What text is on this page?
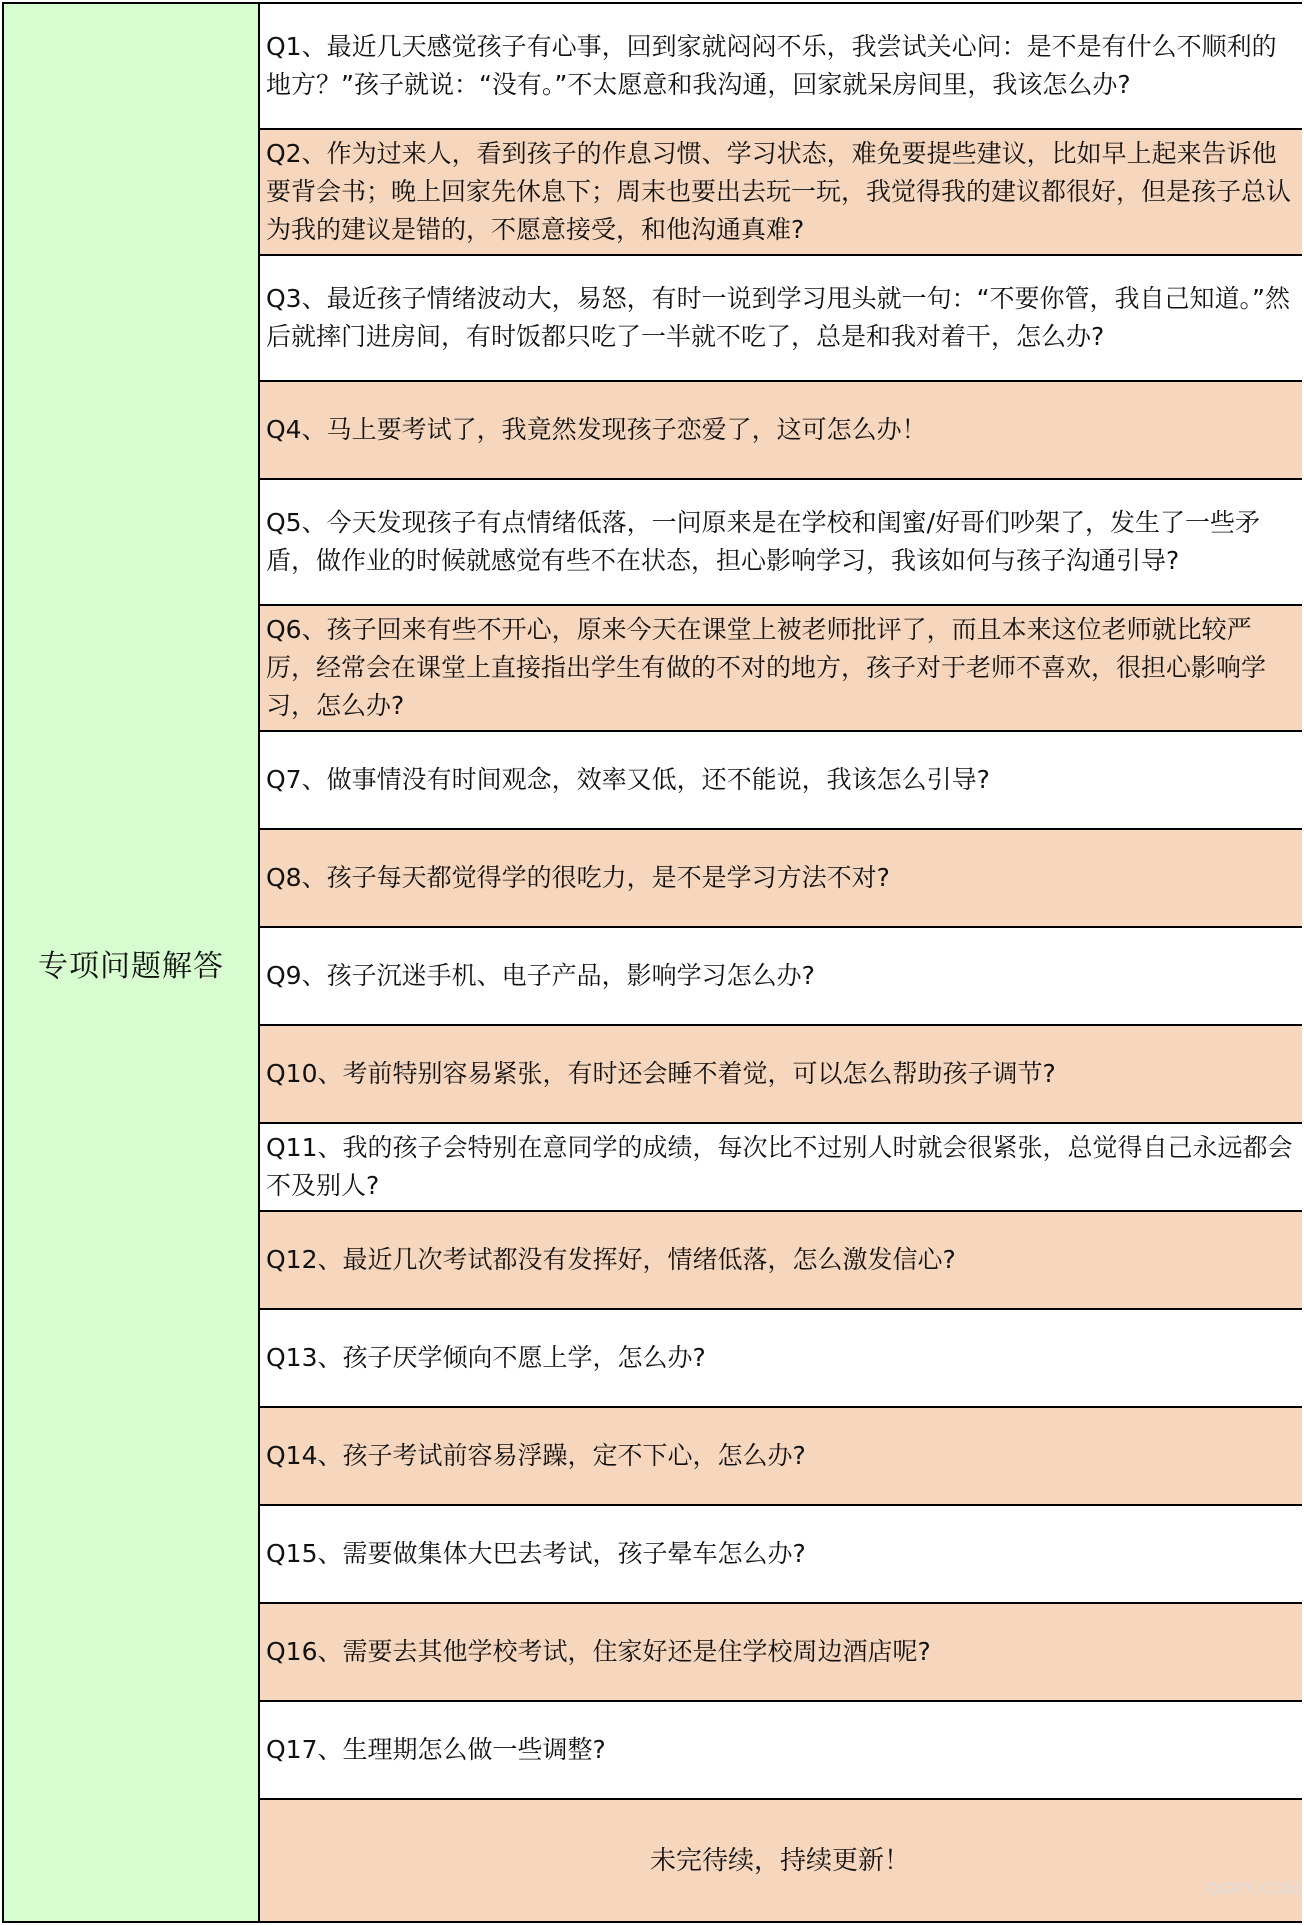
专项问题解答
Q1、最近几天感觉孩子有心事，回到家就闷闷不乐，我尝试关心问：是不是有什么不顺利的地方？”孩子就说：“没有。”不太愿意和我沟通，回家就呆房间里，我该怎么办?
Q2、作为过来人，看到孩子的作息习惯、学习状态，难免要提些建议，比如早上起来告诉他要背会书；晚上回家先休息下；周末也要出去玩一玩，我觉得我的建议都很好，但是孩子总认为我的建议是错的，不愿意接受，和他沟通真难?
Q3、最近孩子情绪波动大，易怒，有时一说到学习甩头就一句：“不要你管，我自己知道。”然后就摔门进房间，有时饭都只吃了一半就不吃了，总是和我对着干，怎么办?
Q4、马上要考试了，我竟然发现孩子恋爱了，这可怎么办！
Q5、今天发现孩子有点情绪低落，一问原来是在学校和闺蜜/好哥们吵架了，发生了一些矛盾，做作业的时候就感觉有些不在状态，担心影响学习，我该如何与孩子沟通引导?
Q6、孩子回来有些不开心，原来今天在课堂上被老师批评了，而且本来这位老师就比较严厉，经常会在课堂上直接指出学生有做的不对的地方，孩子对于老师不喜欢，很担心影响学习，怎么办?
Q7、做事情没有时间观念，效率又低，还不能说，我该怎么引导?
Q8、孩子每天都觉得学的很吃力，是不是学习方法不对?
Q9、孩子沉迷手机、电子产品，影响学习怎么办?
Q10、考前特别容易紧张，有时还会睡不着觉，可以怎么帮助孩子调节?
Q11、我的孩子会特别在意同学的成绩，每次比不过别人时就会很紧张，总觉得自己永远都会不及别人?
Q12、最近几次考试都没有发挥好，情绪低落，怎么激发信心?
Q13、孩子厌学倾向不愿上学，怎么办?
Q14、孩子考试前容易浮躁，定不下心，怎么办?
Q15、需要做集体大巴去考试，孩子晕车怎么办?
Q16、需要去其他学校考试，住家好还是住学校周边酒店呢?
Q17、生理期怎么做一些调整?
未完待续，持续更新！
QGPX.COM
